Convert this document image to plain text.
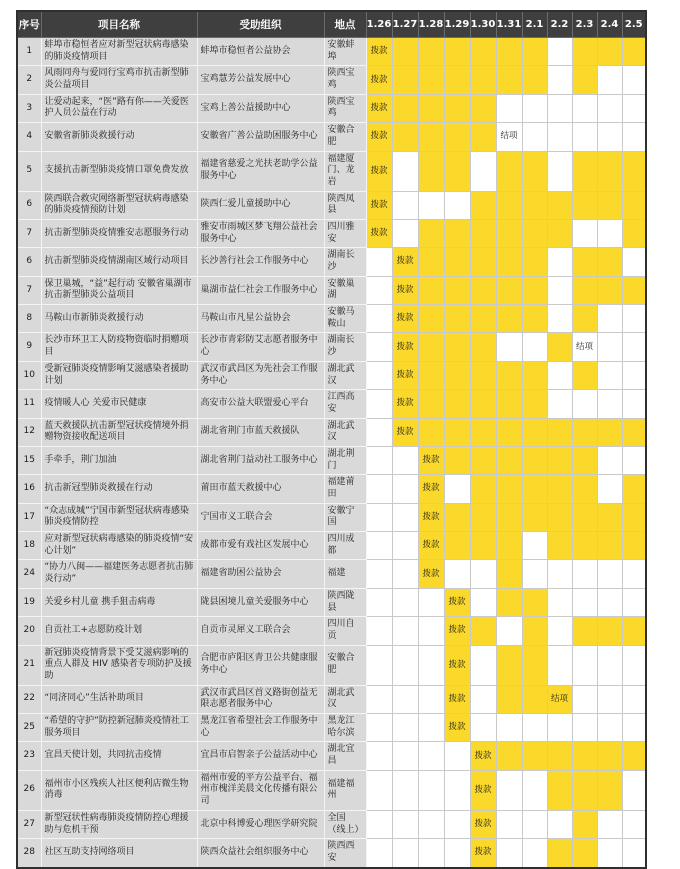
序号	项目名称	受助组织	地点	1.26	1.27	1.28	1.29	1.30	1.31	2.1	2.2	2.3	2.4	2.5
1	蚌埠市稳恒者应对新型冠状病毒感染的肺炎疫情项目	蚌埠市稳恒者公益协会	安徽蚌埠	拨款										
2	风雨同舟与爱同行宝鸡市抗击新型肺炎公益项目	宝鸡慧芳公益发展中心	陕西宝鸡	拨款										
3	让爱动起来，“医”路有你——关爱医护人员公益在行动	宝鸡上善公益援助中心	陕西宝鸡	拨款										
4	安徽省新肺炎救援行动	安徽省广善公益助困服务中心	安徽合肥	拨款					结项					
5	支援抗击新型肺炎疫情口罩免费发放	福建省慈爱之光扶老助学公益服务中心	福建厦门、龙岩	拨款										
6	陕西联合救灾网络新型冠状病毒感染的肺炎疫情预防计划	陕西仁爱儿童援助中心	陕西凤县	拨款										
7	抗击新型肺炎疫情雅安志愿服务行动	雅安市雨城区梦飞翔公益社会服务中心	四川雅安	拨款										
6	抗击新型肺炎疫情湖南区域行动项目	长沙善行社会工作服务中心	湖南长沙		拨款									
7	保卫巢城，“益”起行动 安徽省巢湖市抗击新型肺炎公益项目	巢湖市益仁社会工作服务中心	安徽巢湖		拨款									
8	马鞍山市新肺炎救援行动	马鞍山市凡星公益协会	安徽马鞍山		拨款									
9	长沙市环卫工人防疫物资临时捐赠项目	长沙市青彩防艾志愿者服务中心	湖南长沙		拨款							结项		
10	受新冠肺炎疫情影响艾滋感染者援助计划	武汉市武昌区为先社会工作服务中心	湖北武汉		拨款									
11	疫情暖人心 关爱市民健康	高安市公益大联盟爱心平台	江西高安		拨款									
12	蓝天救援队抗击新型冠状疫情境外捐赠物资接收配送项目	湖北省荆门市蓝天救援队	湖北武汉		拨款									
15	手牵手，荆门加油	湖北省荆门益动社工服务中心	湖北荆门			拨款								
16	抗击新冠型肺炎救援在行动	莆田市蓝天救援中心	福建莆田			拨款								
17	“众志成城”宁国市新型冠状病毒感染肺炎疫情防控	宁国市义工联合会	安徽宁国			拨款								
18	应对新型冠状病毒感染的肺炎疫情“安心计划”	成都市爱有戏社区发展中心	四川成都			拨款								
24	“协力八闽——福建医务志愿者抗击肺炎行动”	福建省助困公益协会	福建			拨款								
19	关爱乡村儿童 携手狙击病毒	陇县困境儿童关爱服务中心	陕西陇县				拨款							
20	自贡社工+志愿防疫计划	自贡市灵犀义工联合会	四川自贡				拨款							
21	新冠肺炎疫情背景下受艾滋病影响的重点人群及 HIV 感染者专项防护及援助	合肥市庐阳区青卫公共健康服务中心	安徽合肥				拨款							
22	“同济同心”生活补助项目	武汉市武昌区首义路街创益无限志愿者服务中心	湖北武汉				拨款				结项			
25	“希望的守护”防控新冠肺炎疫情社工服务项目	黑龙江省希望社会工作服务中心	黑龙江哈尔滨				拨款							
23	宜昌天使计划，共同抗击疫情	宜昌市启智亲子公益活动中心	湖北宜昌					拨款						
26	福州市小区残疾人社区便利店微生物消毒	福州市爱的平方公益平台、福州市槐洋美晨文化传播有限公司	福建福州					拨款						
27	新型冠状性病毒肺炎疫情防控心理援助与危机干预	北京中科博爱心理医学研究院	全国（线上）					拨款						
28	社区互助支持网络项目	陕西众益社会组织服务中心	陕西西安					拨款						
